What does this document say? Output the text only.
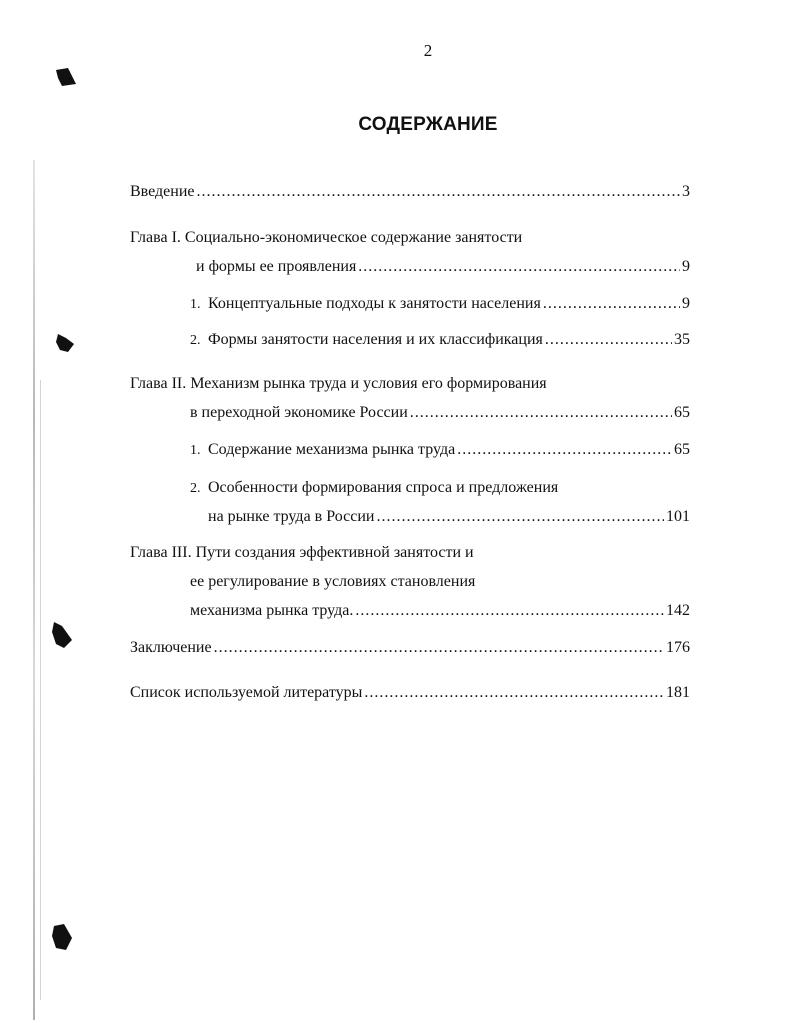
2
СОДЕРЖАНИЕ
Введение .....	3
Глава I. Социально-экономическое содержание занятости
и формы ее проявления .....	9
1. Концептуальные подходы к занятости населения .....	9
2. Формы занятости населения и их классификация .....	35
Глава II. Механизм рынка труда и условия его формирования
в переходной экономике России .....	65
1. Содержание механизма рынка труда .....	65
2. Особенности формирования спроса и предложения
на рынке труда в России .....	101
Глава III. Пути создания эффективной занятости и
ее регулирование в условиях становления
механизма рынка труда. .....	142
Заключение .....	176
Список используемой литературы .....	181
